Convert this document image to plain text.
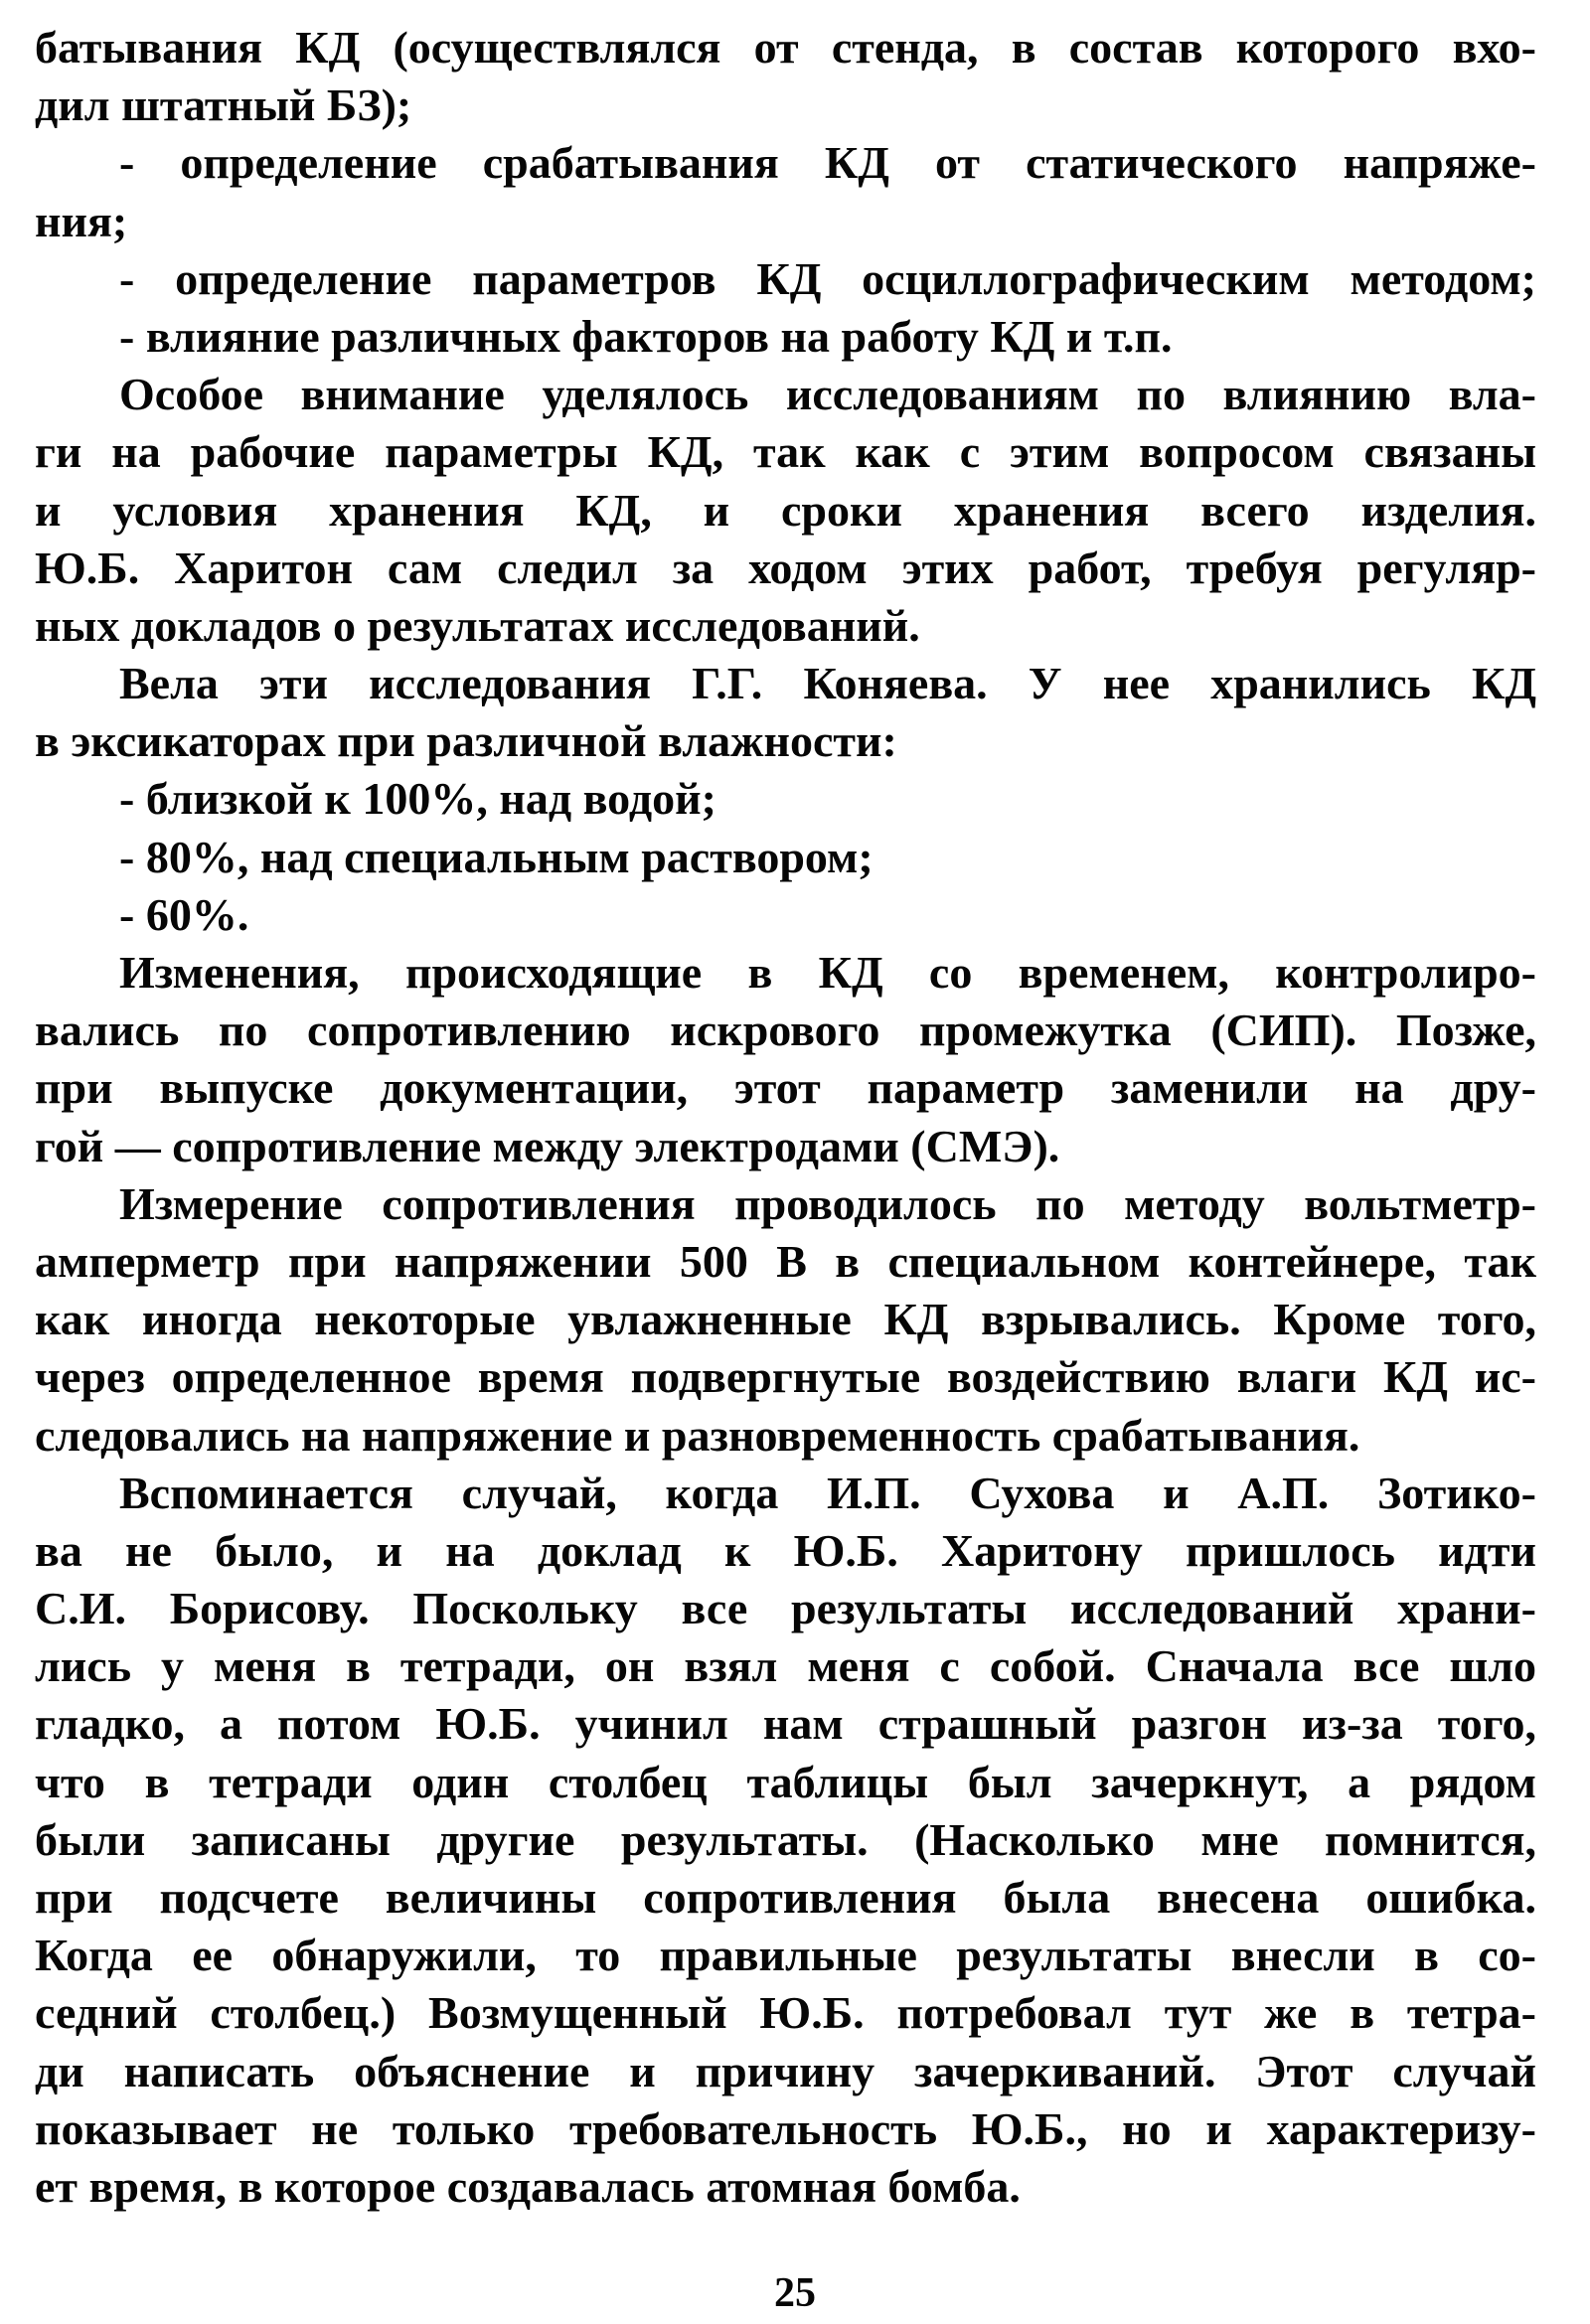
батывания КД (осуществлялся от стенда, в состав которого вхо-
дил штатный БЗ);
- определение срабатывания КД от статического напряже-
ния;
- определение параметров КД осциллографическим методом;
- влияние различных факторов на работу КД и т.п.
Особое внимание уделялось исследованиям по влиянию вла-
ги на рабочие параметры КД, так как с этим вопросом связаны
и условия хранения КД, и сроки хранения всего изделия.
Ю.Б. Харитон сам следил за ходом этих работ, требуя регуляр-
ных докладов о результатах исследований.
Вела эти исследования Г.Г. Коняева. У нее хранились КД
в эксикаторах при различной влажности:
- близкой к 100%, над водой;
- 80%, над специальным раствором;
- 60%.
Изменения, происходящие в КД со временем, контролиро-
вались по сопротивлению искрового промежутка (СИП). Позже,
при выпуске документации, этот параметр заменили на дру-
гой — сопротивление между электродами (СМЭ).
Измерение сопротивления проводилось по методу вольтметр-
амперметр при напряжении 500 В в специальном контейнере, так
как иногда некоторые увлажненные КД взрывались. Кроме того,
через определенное время подвергнутые воздействию влаги КД ис-
следовались на напряжение и разновременность срабатывания.
Вспоминается случай, когда И.П. Сухова и А.П. Зотико-
ва не было, и на доклад к Ю.Б. Харитону пришлось идти
С.И. Борисову. Поскольку все результаты исследований храни-
лись у меня в тетради, он взял меня с собой. Сначала все шло
гладко, а потом Ю.Б. учинил нам страшный разгон из-за того,
что в тетради один столбец таблицы был зачеркнут, а рядом
были записаны другие результаты. (Насколько мне помнится,
при подсчете величины сопротивления была внесена ошибка.
Когда ее обнаружили, то правильные результаты внесли в со-
седний столбец.) Возмущенный Ю.Б. потребовал тут же в тетра-
ди написать объяснение и причину зачеркиваний. Этот случай
показывает не только требовательность Ю.Б., но и характеризу-
ет время, в которое создавалась атомная бомба.
25
